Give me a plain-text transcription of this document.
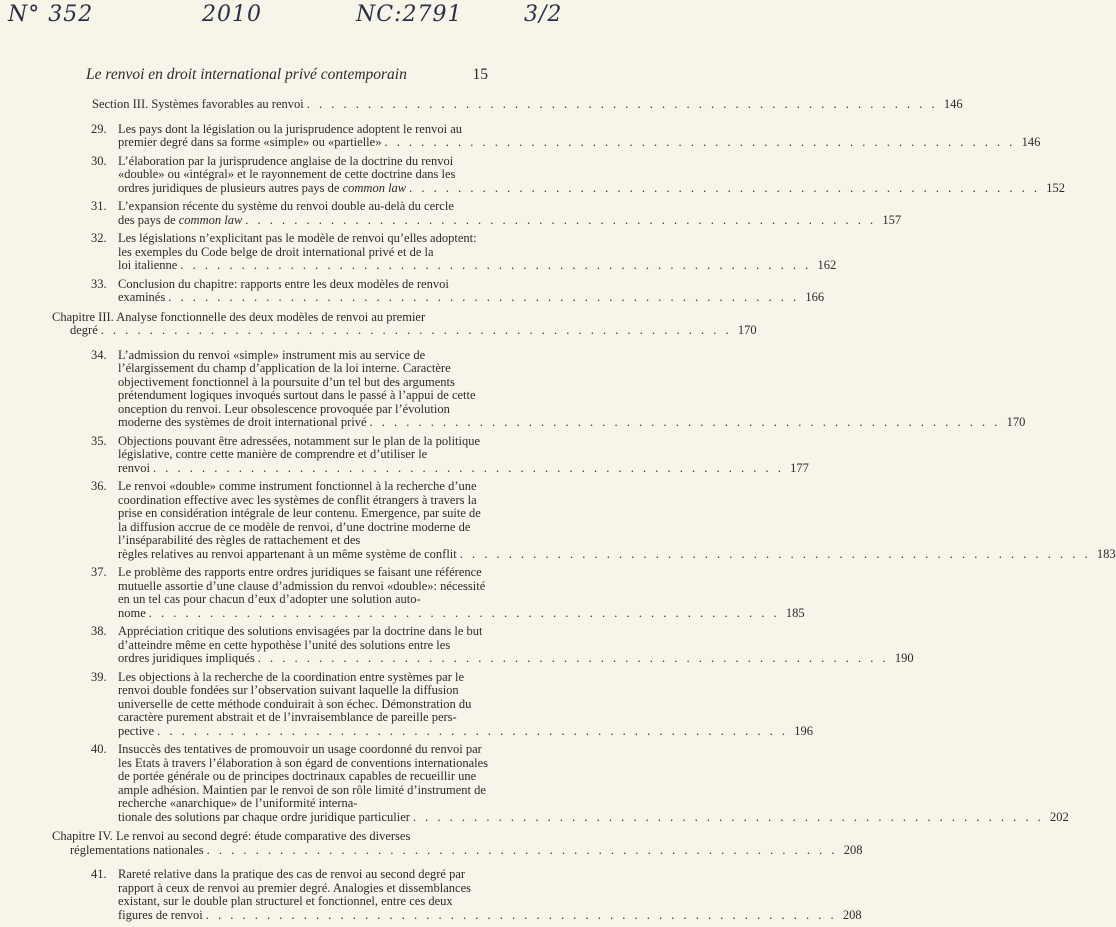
N° 352	2010	NC:2791	3/2
Le renvoi en droit international privé contemporain	15
Section III. Systèmes favorables au renvoi . . . . . . . . . . . . . . . . . . . . . . . . . . . . . . . . . . . . . . . . . . . . . . . . . . . . 146
29. Les pays dont la législation ou la jurisprudence adoptent le renvoi au
premier degré dans sa forme «simple» ou «partielle» . . . . . . . . . . . . . . . . . . . . . . . . . . . . . . . . . . . . . . . . . . . . . . . . . . . . 146
30. L’élaboration par la jurisprudence anglaise de la doctrine du renvoi «double» ou «intégral» et le rayonnement de cette doctrine dans les
ordres juridiques de plusieurs autres pays de common law . . . . . . . . . . . . . . . . . . . . . . . . . . . . . . . . . . . . . . . . . . . . . . . . . . . . 152
31. L’expansion récente du système du renvoi double au-delà du cercle
des pays de common law . . . . . . . . . . . . . . . . . . . . . . . . . . . . . . . . . . . . . . . . . . . . . . . . . . . . 157
32. Les législations n’explicitant pas le modèle de renvoi qu’elles adoptent: les exemples du Code belge de droit international privé et de la
loi italienne . . . . . . . . . . . . . . . . . . . . . . . . . . . . . . . . . . . . . . . . . . . . . . . . . . . . 162
33. Conclusion du chapitre: rapports entre les deux modèles de renvoi
examinés . . . . . . . . . . . . . . . . . . . . . . . . . . . . . . . . . . . . . . . . . . . . . . . . . . . . 166
Chapitre III. Analyse fonctionnelle des deux modèles de renvoi au premier
degré . . . . . . . . . . . . . . . . . . . . . . . . . . . . . . . . . . . . . . . . . . . . . . . . . . . . 170
34. L’admission du renvoi «simple» instrument mis au service de l’élargissement du champ d’application de la loi interne. Caractère objectivement fonctionnel à la poursuite d’un tel but des arguments prétendument logiques invoqués surtout dans le passé à l’appui de cette onception du renvoi. Leur obsolescence provoquée par l’évolution
moderne des systèmes de droit international privé . . . . . . . . . . . . . . . . . . . . . . . . . . . . . . . . . . . . . . . . . . . . . . . . . . . . 170
35. Objections pouvant être adressées, notamment sur le plan de la politique législative, contre cette manière de comprendre et d’utiliser le
renvoi . . . . . . . . . . . . . . . . . . . . . . . . . . . . . . . . . . . . . . . . . . . . . . . . . . . . 177
36. Le renvoi «double» comme instrument fonctionnel à la recherche d’une coordination effective avec les systèmes de conflit étrangers à travers la prise en considération intégrale de leur contenu. Emergence, par suite de la diffusion accrue de ce modèle de renvoi, d’une doctrine moderne de l’inséparabilité des règles de rattachement et des
règles relatives au renvoi appartenant à un même système de conflit . . . . . . . . . . . . . . . . . . . . . . . . . . . . . . . . . . . . . . . . . . . . . . . . . . . . 183
37. Le problème des rapports entre ordres juridiques se faisant une référence mutuelle assortie d’une clause d’admission du renvoi «double»: nécessité en un tel cas pour chacun d’eux d’adopter une solution auto-
nome . . . . . . . . . . . . . . . . . . . . . . . . . . . . . . . . . . . . . . . . . . . . . . . . . . . . 185
38. Appréciation critique des solutions envisagées par la doctrine dans le but d’atteindre même en cette hypothèse l’unité des solutions entre les
ordres juridiques impliqués . . . . . . . . . . . . . . . . . . . . . . . . . . . . . . . . . . . . . . . . . . . . . . . . . . . . 190
39. Les objections à la recherche de la coordination entre systèmes par le renvoi double fondées sur l’observation suivant laquelle la diffusion universelle de cette méthode conduirait à son échec. Démonstration du caractère purement abstrait et de l’invraisemblance de pareille pers-
pective . . . . . . . . . . . . . . . . . . . . . . . . . . . . . . . . . . . . . . . . . . . . . . . . . . . . 196
40. Insuccès des tentatives de promouvoir un usage coordonné du renvoi par les Etats à travers l’élaboration à son égard de conventions internationales de portée générale ou de principes doctrinaux capables de recueillir une ample adhésion. Maintien par le renvoi de son rôle limité d’instrument de recherche «anarchique» de l’uniformité interna-
tionale des solutions par chaque ordre juridique particulier . . . . . . . . . . . . . . . . . . . . . . . . . . . . . . . . . . . . . . . . . . . . . . . . . . . . 202
Chapitre IV. Le renvoi au second degré: étude comparative des diverses
réglementations nationales . . . . . . . . . . . . . . . . . . . . . . . . . . . . . . . . . . . . . . . . . . . . . . . . . . . . 208
41. Rareté relative dans la pratique des cas de renvoi au second degré par rapport à ceux de renvoi au premier degré. Analogies et dissemblances existant, sur le double plan structurel et fonctionnel, entre ces deux
figures de renvoi . . . . . . . . . . . . . . . . . . . . . . . . . . . . . . . . . . . . . . . . . . . . . . . . . . . . 208
